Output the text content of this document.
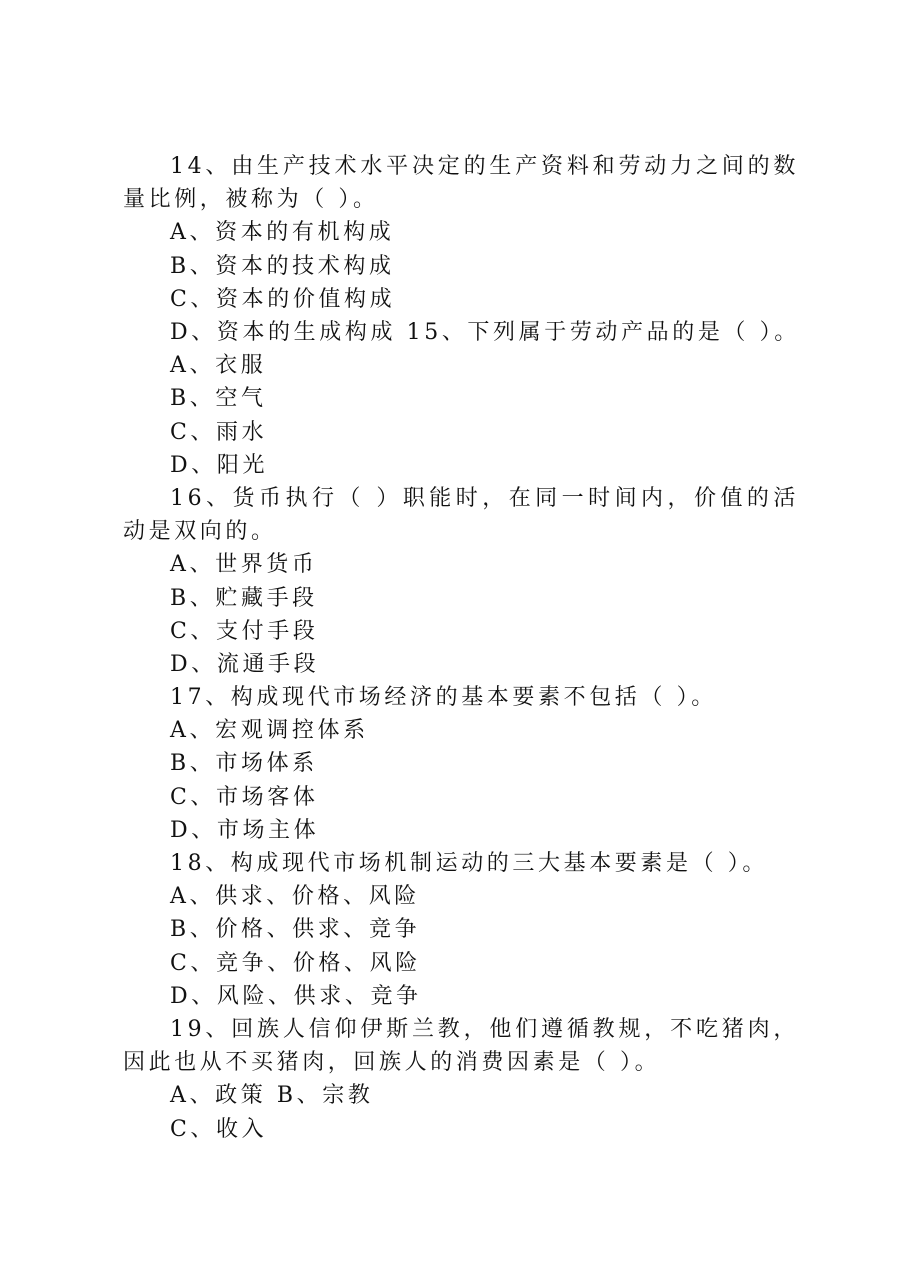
14、由生产技术水平决定的生产资料和劳动力之间的数量比例，被称为（ ）。

A、资本的有机构成

B、资本的技术构成

C、资本的价值构成

D、资本的生成构成 15、下列属于劳动产品的是（ ）。

A、衣服

B、空气

C、雨水

D、阳光

16、货币执行（ ）职能时，在同一时间内，价值的活动是双向的。

A、世界货币

B、贮藏手段

C、支付手段

D、流通手段

17、构成现代市场经济的基本要素不包括（ ）。

A、宏观调控体系

B、市场体系

C、市场客体

D、市场主体

18、构成现代市场机制运动的三大基本要素是（ ）。

A、供求、价格、风险

B、价格、供求、竞争

C、竞争、价格、风险

D、风险、供求、竞争

19、回族人信仰伊斯兰教，他们遵循教规，不吃猪肉，因此也从不买猪肉，回族人的消费因素是（ ）。

A、政策 B、宗教

C、收入
